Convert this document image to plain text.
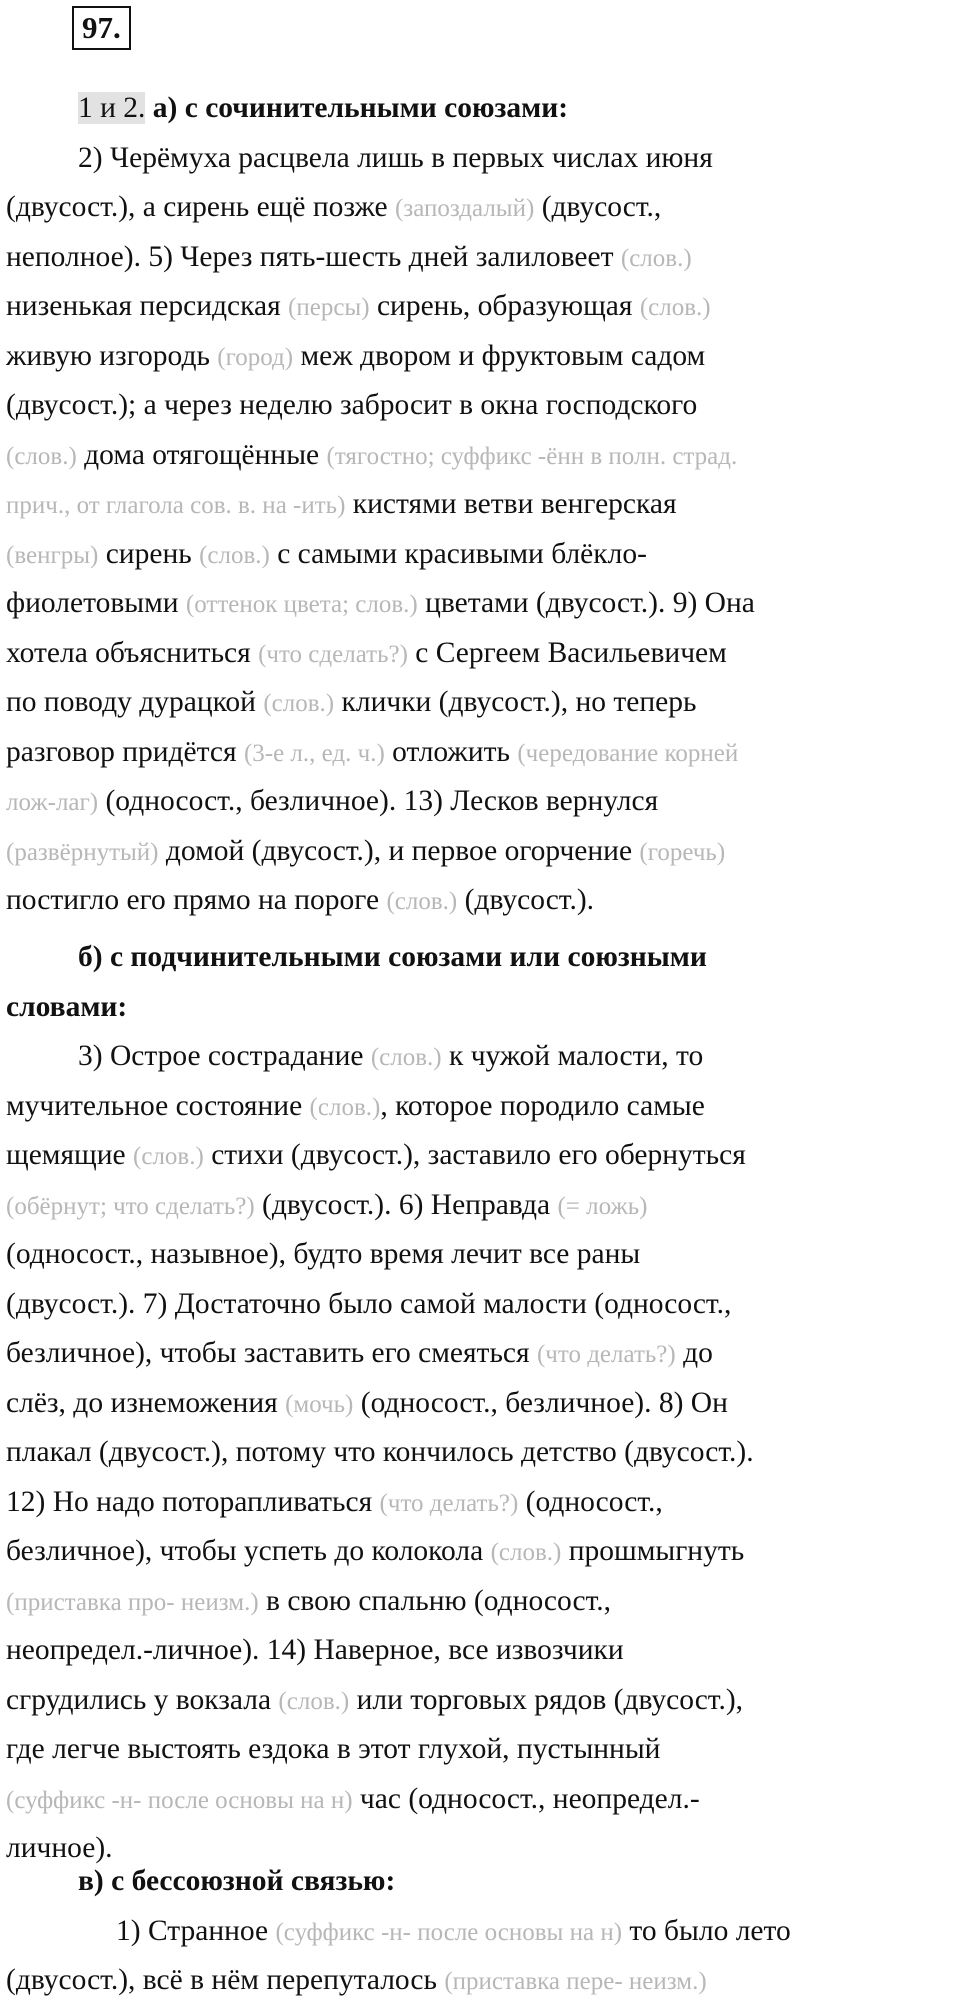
97.
1 и 2. а) с сочинительными союзами:
2) Черёмуха расцвела лишь в первых числах июня
(двусост.), а сирень ещё позже (запоздалый) (двусост.,
неполное). 5) Через пять-шесть дней залиловеет (слов.)
низенькая персидская (персы) сирень, образующая (слов.)
живую изгородь (город) меж двором и фруктовым садом
(двусост.); а через неделю забросит в окна господского
(слов.) дома отягощённые (тягостно; суффикс -ённ в полн. страд.
прич., от глагола сов. в. на -ить) кистями ветви венгерская
(венгры) сирень (слов.) с самыми красивыми блёкло-
фиолетовыми (оттенок цвета; слов.) цветами (двусост.). 9) Она
хотела объясниться (что сделать?) с Сергеем Васильевичем
по поводу дурацкой (слов.) клички (двусост.), но теперь
разговор придётся (3-е л., ед. ч.) отложить (чередование корней
лож-лаг) (односост., безличное). 13) Лесков вернулся
(развёрнутый) домой (двусост.), и первое огорчение (горечь)
постигло его прямо на пороге (слов.) (двусост.).
б) с подчинительными союзами или союзными
словами:
3) Острое сострадание (слов.) к чужой малости, то
мучительное состояние (слов.), которое породило самые
щемящие (слов.) стихи (двусост.), заставило его обернуться
(обёрнут; что сделать?) (двусост.). 6) Неправда (= ложь)
(односост., назывное), будто время лечит все раны
(двусост.). 7) Достаточно было самой малости (односост.,
безличное), чтобы заставить его смеяться (что делать?) до
слёз, до изнеможения (мочь) (односост., безличное). 8) Он
плакал (двусост.), потому что кончилось детство (двусост.).
12) Но надо поторапливаться (что делать?) (односост.,
безличное), чтобы успеть до колокола (слов.) прошмыгнуть
(приставка про- неизм.) в свою спальню (односост.,
неопредел.-личное). 14) Наверное, все извозчики
сгрудились у вокзала (слов.) или торговых рядов (двусост.),
где легче выстоять ездока в этот глухой, пустынный
(суффикс -н- после основы на н) час (односост., неопредел.-
личное).
в) с бессоюзной связью:
1) Странное (суффикс -н- после основы на н) то было лето
(двусост.), всё в нём перепуталось (приставка пере- неизм.)
